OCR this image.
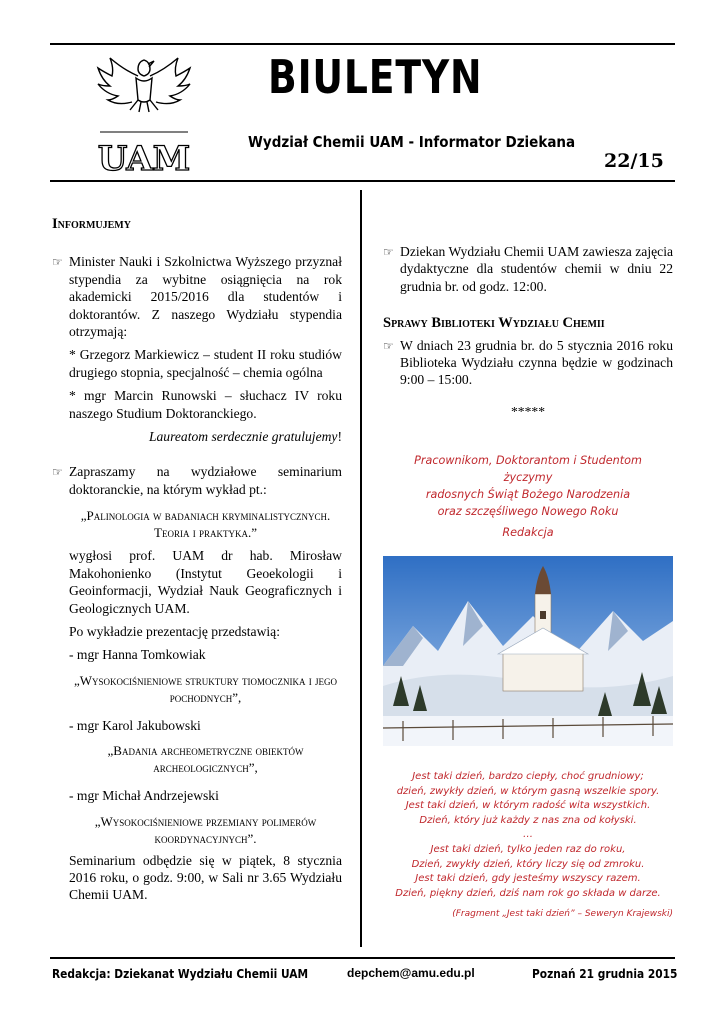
UAM
BIULETYN
Wydział Chemii UAM - Informator Dziekana
22/15
Informujemy
☞ Minister Nauki i Szkolnictwa Wyższego przyznał stypendia za wybitne osiągnięcia na rok akademicki 2015/2016 dla studentów i doktorantów. Z naszego Wydziału stypendia otrzymają:

* Grzegorz Markiewicz – student II roku studiów drugiego stopnia, specjalność – chemia ogólna

* mgr Marcin Runowski – słuchacz IV roku naszego Studium Doktoranckiego.

Laureatom serdecznie gratulujemy!

☞ Zapraszamy na wydziałowe seminarium doktoranckie, na którym wykład pt.:

„Palinologia w badaniach kryminalistycznych. Teoria i praktyka.”

wygłosi prof. UAM dr hab. Mirosław Makohonienko (Instytut Geoekologii i Geoinformacji, Wydział Nauk Geograficznych i Geologicznych UAM.

Po wykładzie prezentację przedstawią:

- mgr Hanna Tomkowiak

„Wysokociśnieniowe struktury tiomocznika i jego pochodnych”,

- mgr Karol Jakubowski

„Badania archeometryczne obiektów archeologicznych”,

- mgr Michał Andrzejewski

„Wysokociśnieniowe przemiany polimerów koordynacyjnych”.

Seminarium odbędzie się w piątek, 8 stycznia 2016 roku, o godz. 9:00, w Sali nr 3.65 Wydziału Chemii UAM.

☞ Dziekan Wydziału Chemii UAM zawiesza zajęcia dydaktyczne dla studentów chemii w dniu 22 grudnia br. od godz. 12:00.

Sprawy Biblioteki Wydziału Chemii
☞ W dniach 23 grudnia br. do 5 stycznia 2016 roku Biblioteka Wydziału czynna będzie w godzinach 9:00 – 15:00.

*****

Pracownikom, Doktorantom i Studentom
życzymy
radosnych Świąt Bożego Narodzenia
oraz szczęśliwego Nowego Roku
Redakcja
Jest taki dzień, bardzo ciepły, choć grudniowy;
dzień, zwykły dzień, w którym gasną wszelkie spory.
Jest taki dzień, w którym radość wita wszystkich.
Dzień, który już każdy z nas zna od kołyski.
…
Jest taki dzień, tylko jeden raz do roku,
Dzień, zwykły dzień, który liczy się od zmroku.
Jest taki dzień, gdy jesteśmy wszyscy razem.
Dzień, piękny dzień, dziś nam rok go składa w darze.
(Fragment „Jest taki dzień” – Seweryn Krajewski)
Redakcja: Dziekanat Wydziału Chemii UAM	depchem@amu.edu.pl	Poznań 21 grudnia 2015
